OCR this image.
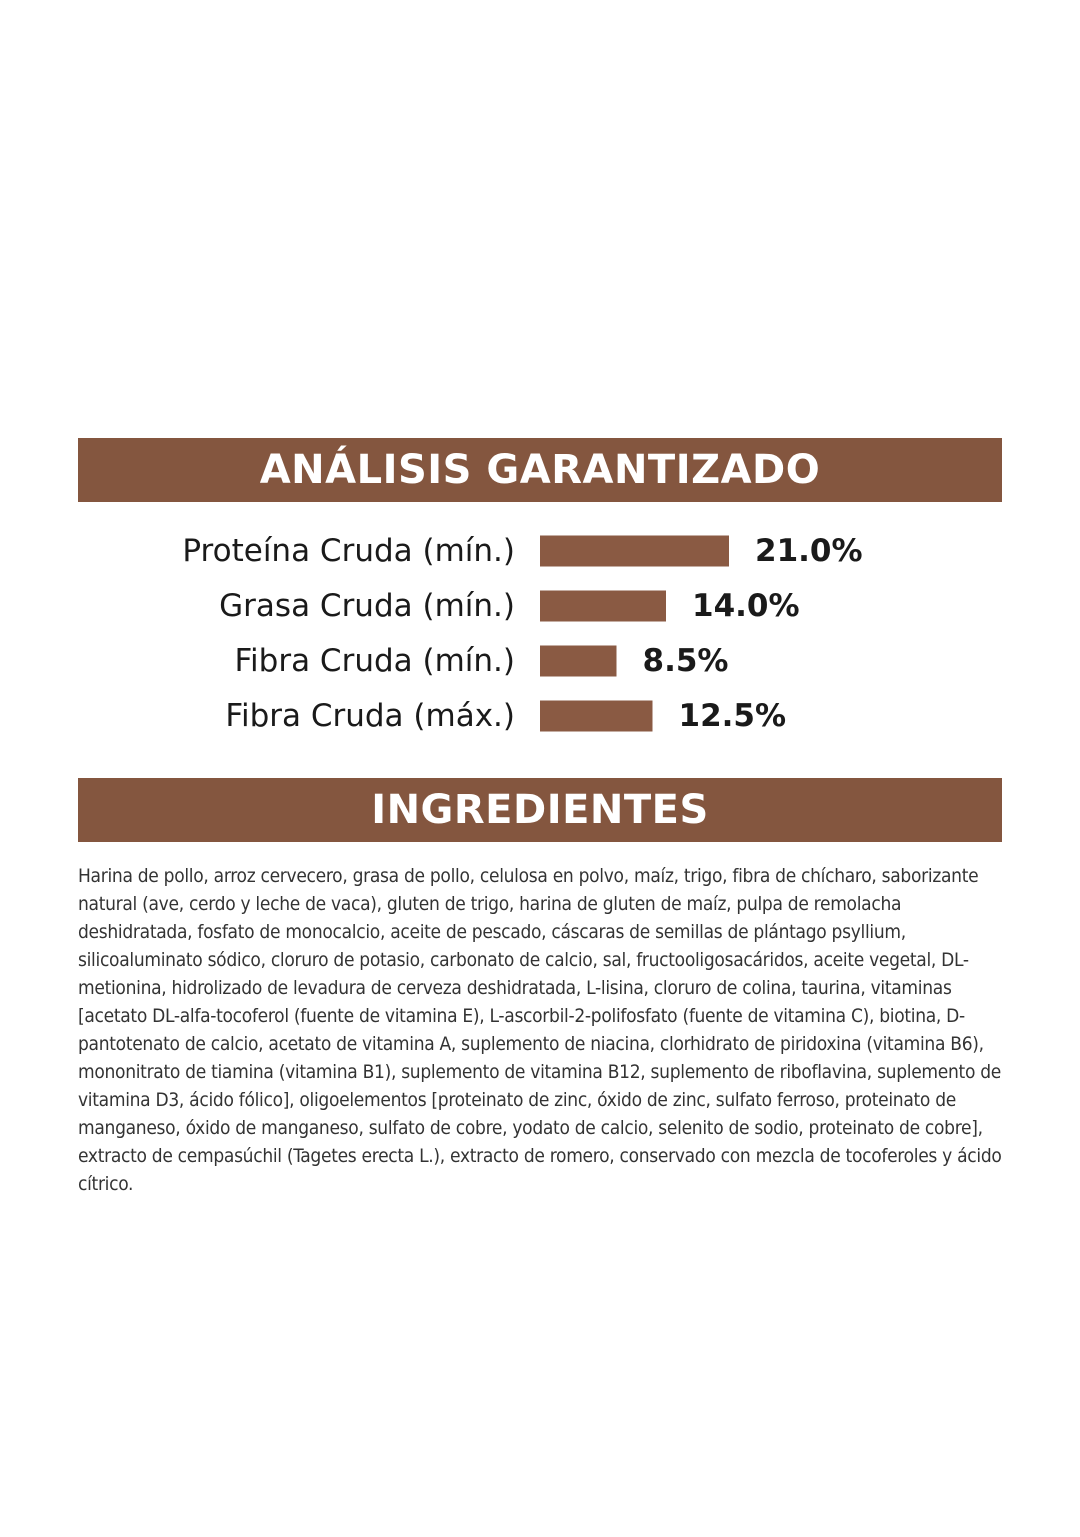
ANÁLISIS GARANTIZADO
Proteína Cruda (mín.)	21.0%
Grasa Cruda (mín.)	14.0%
Fibra Cruda (mín.)	8.5%
Fibra Cruda (máx.)	12.5%
INGREDIENTES

Harina de pollo, arroz cervecero, grasa de pollo, celulosa en polvo, maíz, trigo, fibra de chícharo, saborizante natural (ave, cerdo y leche de vaca), gluten de trigo, harina de gluten de maíz, pulpa de remolacha deshidratada, fosfato de monocalcio, aceite de pescado, cáscaras de semillas de plántago psyllium, silicoaluminato sódico, cloruro de potasio, carbonato de calcio, sal, fructooligosacáridos, aceite vegetal, DL-metionina, hidrolizado de levadura de cerveza deshidratada, L-lisina, cloruro de colina, taurina, vitaminas [acetato DL-alfa-tocoferol (fuente de vitamina E), L-ascorbil-2-polifosfato (fuente de vitamina C), biotina, D-pantotenato de calcio, acetato de vitamina A, suplemento de niacina, clorhidrato de piridoxina (vitamina B6), mononitrato de tiamina (vitamina B1), suplemento de vitamina B12, suplemento de riboflavina, suplemento de vitamina D3, ácido fólico], oligoelementos [proteinato de zinc, óxido de zinc, sulfato ferroso, proteinato de manganeso, óxido de manganeso, sulfato de cobre, yodato de calcio, selenito de sodio, proteinato de cobre], extracto de cempasúchil (Tagetes erecta L.), extracto de romero, conservado con mezcla de tocoferoles y ácido cítrico.
